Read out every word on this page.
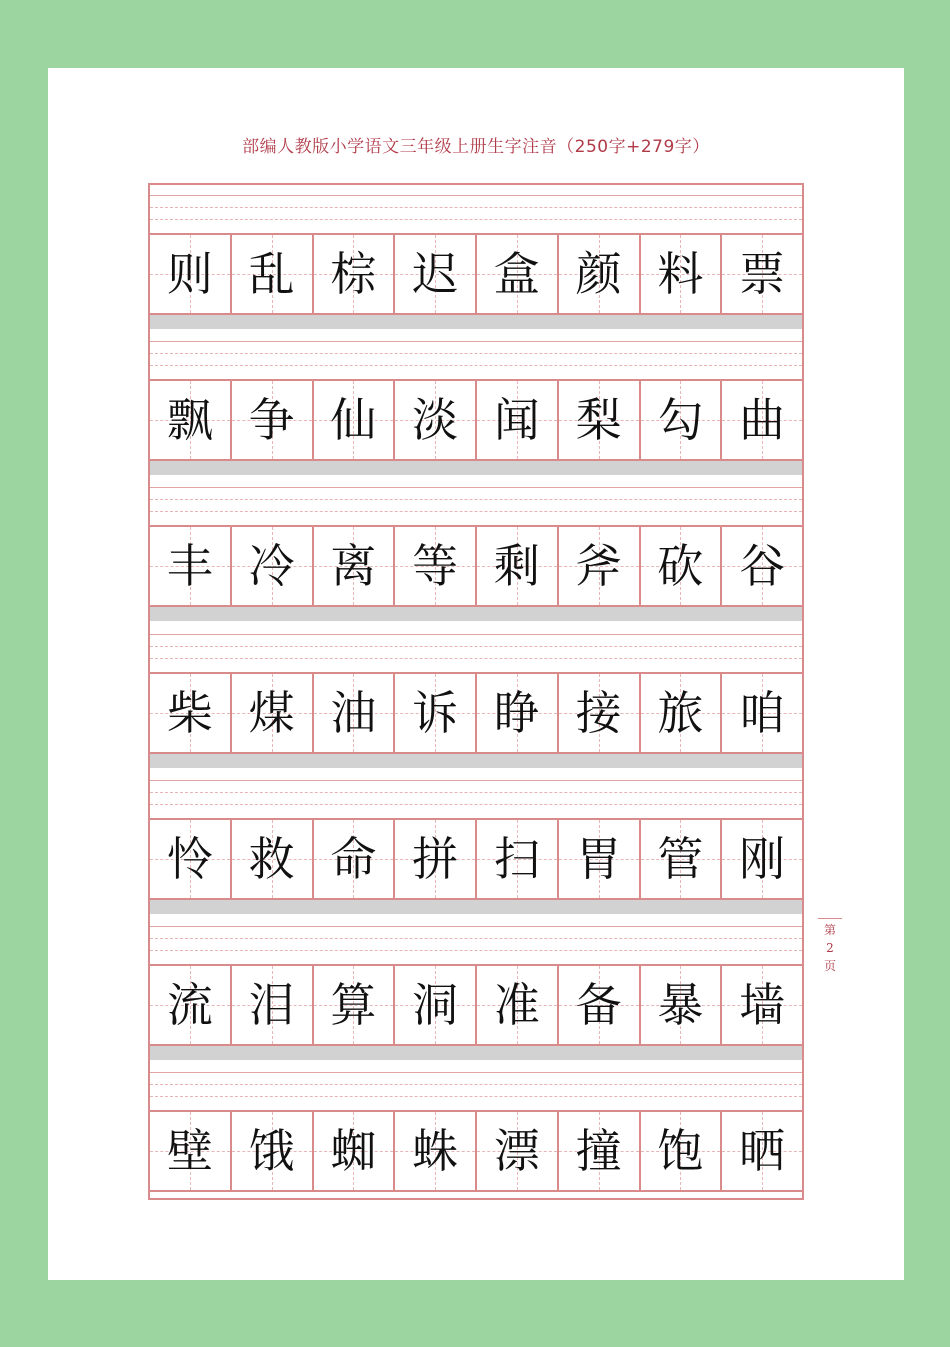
部编人教版小学语文三年级上册生字注音（250字+279字）
则 乱 棕 迟 盒 颜 料 票
飘 争 仙 淡 闻 梨 勾 曲
丰 冷 离 等 剩 斧 砍 谷
柴 煤 油 诉 睁 接 旅 咱
怜 救 命 拼 扫 胃 管 刚
流 泪 算 洞 准 备 暴 墙
壁 饿 蜘 蛛 漂 撞 饱 晒
第
2
页
